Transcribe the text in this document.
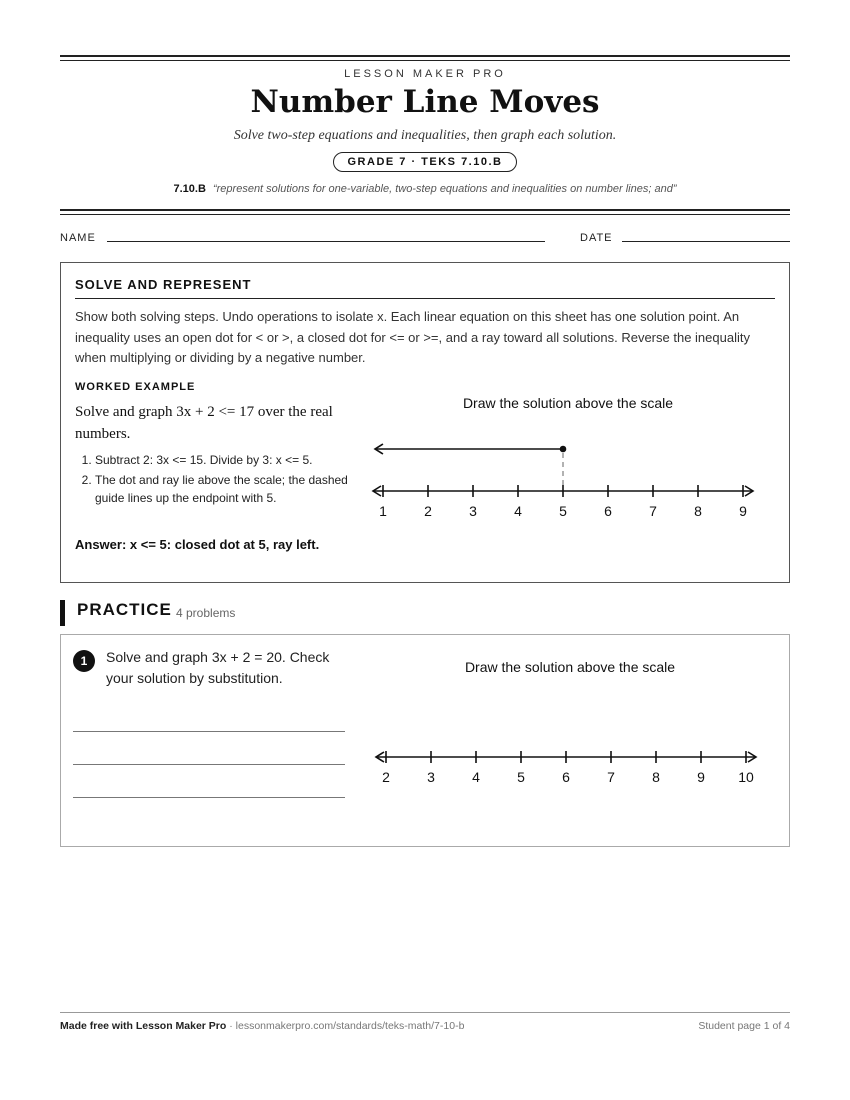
LESSON MAKER PRO
Number Line Moves
Solve two-step equations and inequalities, then graph each solution.
GRADE 7 · TEKS 7.10.B
7.10.B “represent solutions for one-variable, two-step equations and inequalities on number lines; and”
NAME	DATE
SOLVE AND REPRESENT
Show both solving steps. Undo operations to isolate x. Each linear equation on this sheet has one solution point. An inequality uses an open dot for < or >, a closed dot for <= or >=, and a ray toward all solutions. Reverse the inequality when multiplying or dividing by a negative number.
WORKED EXAMPLE
Solve and graph 3x + 2 <= 17 over the real numbers.
1. Subtract 2: 3x <= 15. Divide by 3: x <= 5.
2. The dot and ray lie above the scale; the dashed guide lines up the endpoint with 5.
Answer: x <= 5: closed dot at 5, ray left.
Draw the solution above the scale
1	2	3	4	5	6	7	8	9
PRACTICE 4 problems
1	Solve and graph 3x + 2 = 20. Check your solution by substitution.
Draw the solution above the scale
2	3	4	5	6	7	8	9 10
Made free with Lesson Maker Pro · lessonmakerpro.com/standards/teks-math/7-10-b	Student page 1 of 4
